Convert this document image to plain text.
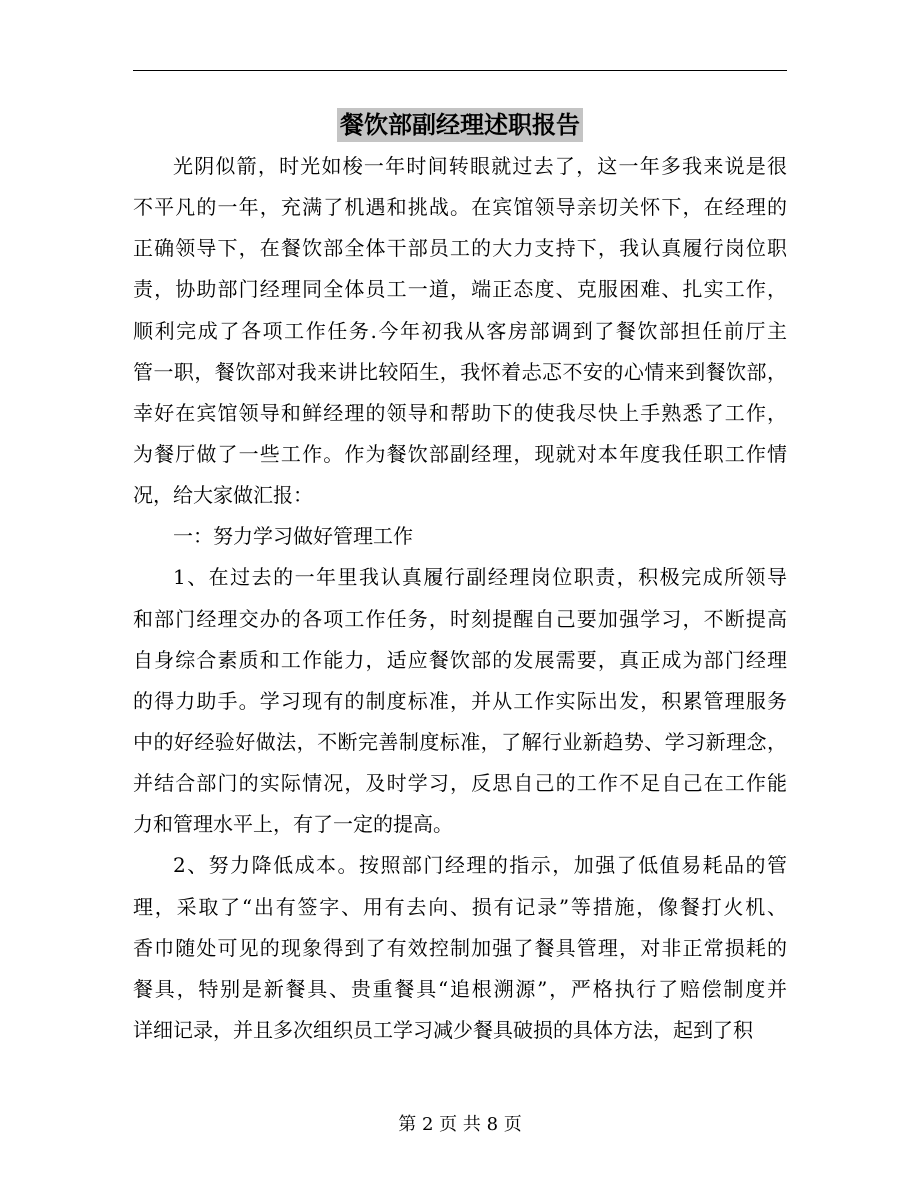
餐饮部副经理述职报告
光阴似箭，时光如梭一年时间转眼就过去了，这一年多我来说是很
不平凡的一年，充满了机遇和挑战。在宾馆领导亲切关怀下，在经理的
正确领导下，在餐饮部全体干部员工的大力支持下，我认真履行岗位职
责，协助部门经理同全体员工一道，端正态度、克服困难、扎实工作，
顺利完成了各项工作任务.今年初我从客房部调到了餐饮部担任前厅主
管一职，餐饮部对我来讲比较陌生，我怀着忐忑不安的心情来到餐饮部，
幸好在宾馆领导和鲜经理的领导和帮助下的使我尽快上手熟悉了工作，
为餐厅做了一些工作。作为餐饮部副经理，现就对本年度我任职工作情
况，给大家做汇报：
一：努力学习做好管理工作
1、在过去的一年里我认真履行副经理岗位职责，积极完成所领导
和部门经理交办的各项工作任务，时刻提醒自己要加强学习，不断提高
自身综合素质和工作能力，适应餐饮部的发展需要，真正成为部门经理
的得力助手。学习现有的制度标准，并从工作实际出发，积累管理服务
中的好经验好做法，不断完善制度标准，了解行业新趋势、学习新理念，
并结合部门的实际情况，及时学习，反思自己的工作不足自己在工作能
力和管理水平上，有了一定的提高。
2、努力降低成本。按照部门经理的指示，加强了低值易耗品的管
理，采取了“出有签字、用有去向、损有记录”等措施，像餐打火机、
香巾随处可见的现象得到了有效控制加强了餐具管理，对非正常损耗的
餐具，特别是新餐具、贵重餐具“追根溯源”，严格执行了赔偿制度并
详细记录，并且多次组织员工学习减少餐具破损的具体方法，起到了积
第 2 页 共 8 页
